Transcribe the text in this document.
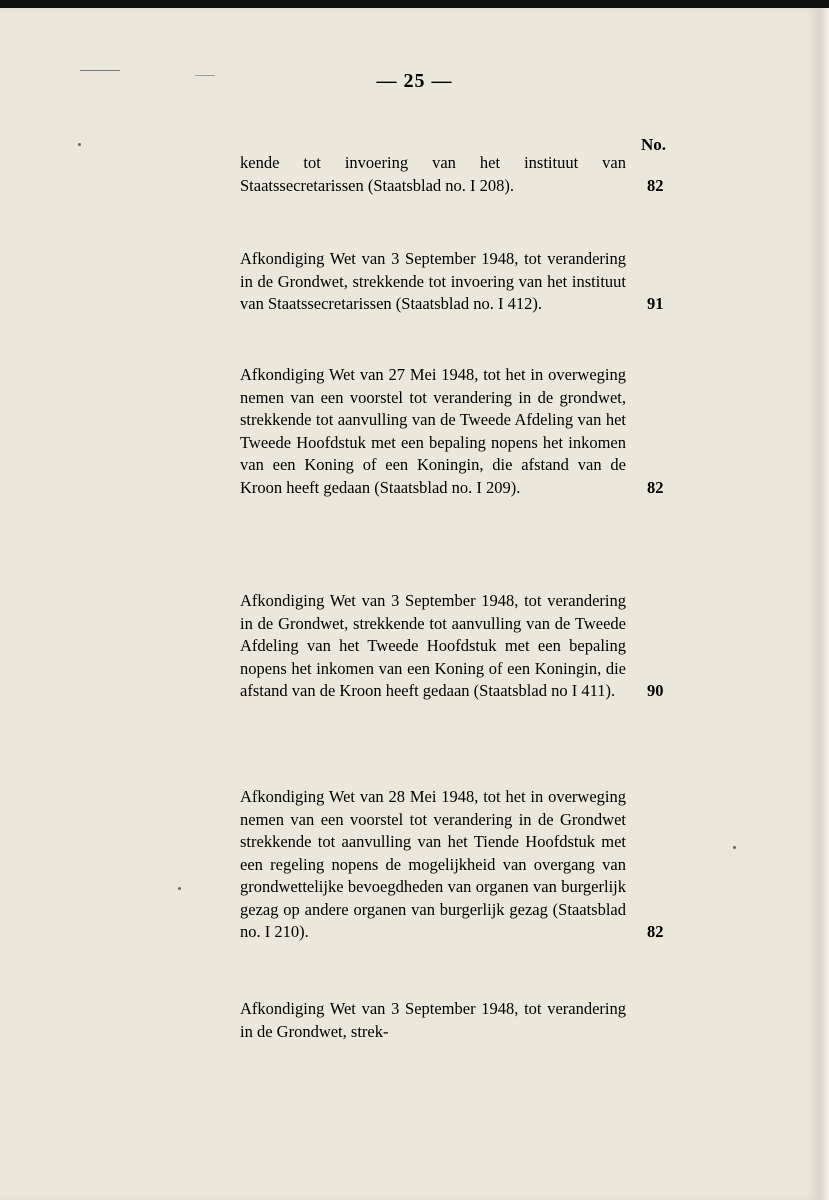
— 25 —
No.
kende tot invoering van het instituut van Staatssecretarissen (Staatsblad no. I 208).	82
Afkondiging Wet van 3 September 1948, tot verandering in de Grondwet, strekkende tot invoering van het instituut van Staatssecretarissen (Staatsblad no. I 412).	91
Afkondiging Wet van 27 Mei 1948, tot het in overweging nemen van een voorstel tot verandering in de grondwet, strekkende tot aanvulling van de Tweede Afdeling van het Tweede Hoofdstuk met een bepaling nopens het inkomen van een Koning of een Koningin, die afstand van de Kroon heeft gedaan (Staatsblad no. I 209).	82
Afkondiging Wet van 3 September 1948, tot verandering in de Grondwet, strekkende tot aanvulling van de Tweede Afdeling van het Tweede Hoofdstuk met een bepaling nopens het inkomen van een Koning of een Koningin, die afstand van de Kroon heeft gedaan (Staatsblad no I 411).	90
Afkondiging Wet van 28 Mei 1948, tot het in overweging nemen van een voorstel tot verandering in de Grondwet strekkende tot aanvulling van het Tiende Hoofdstuk met een regeling nopens de mogelijkheid van overgang van grondwettelijke bevoegdheden van organen van burgerlijk gezag op andere organen van burgerlijk gezag (Staatsblad no. I 210).	82
Afkondiging Wet van 3 September 1948, tot verandering in de Grondwet, strek-
